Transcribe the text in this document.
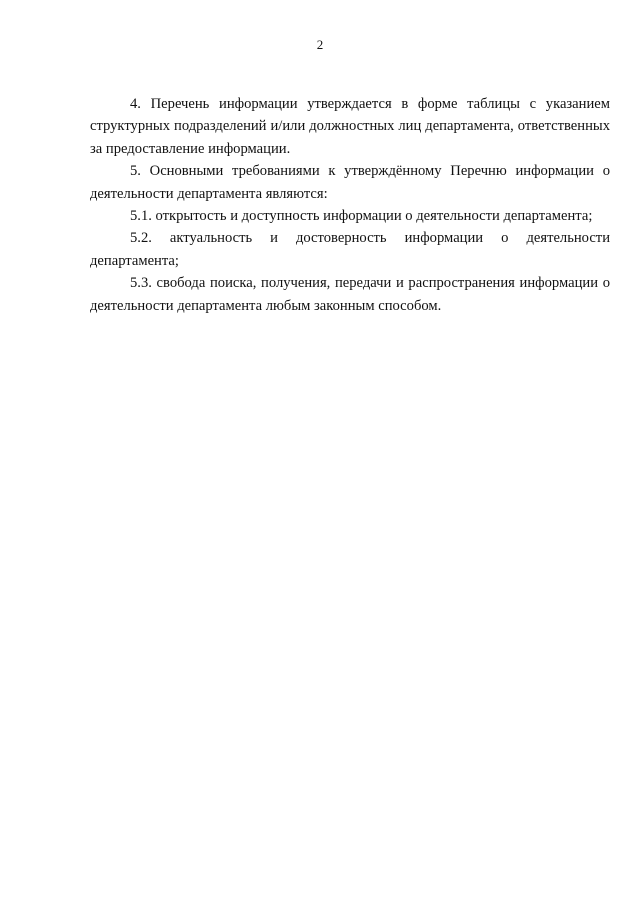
2

4. Перечень информации утверждается в форме таблицы с указанием структурных подразделений и/или должностных лиц департамента, ответственных за предоставление информации.

5. Основными требованиями к утверждённому Перечню информации о деятельности департамента являются:

5.1. открытость и доступность информации о деятельности департамента;

5.2. актуальность и достоверность информации о деятельности департамента;

5.3. свобода поиска, получения, передачи и распространения информации о деятельности департамента любым законным способом.
